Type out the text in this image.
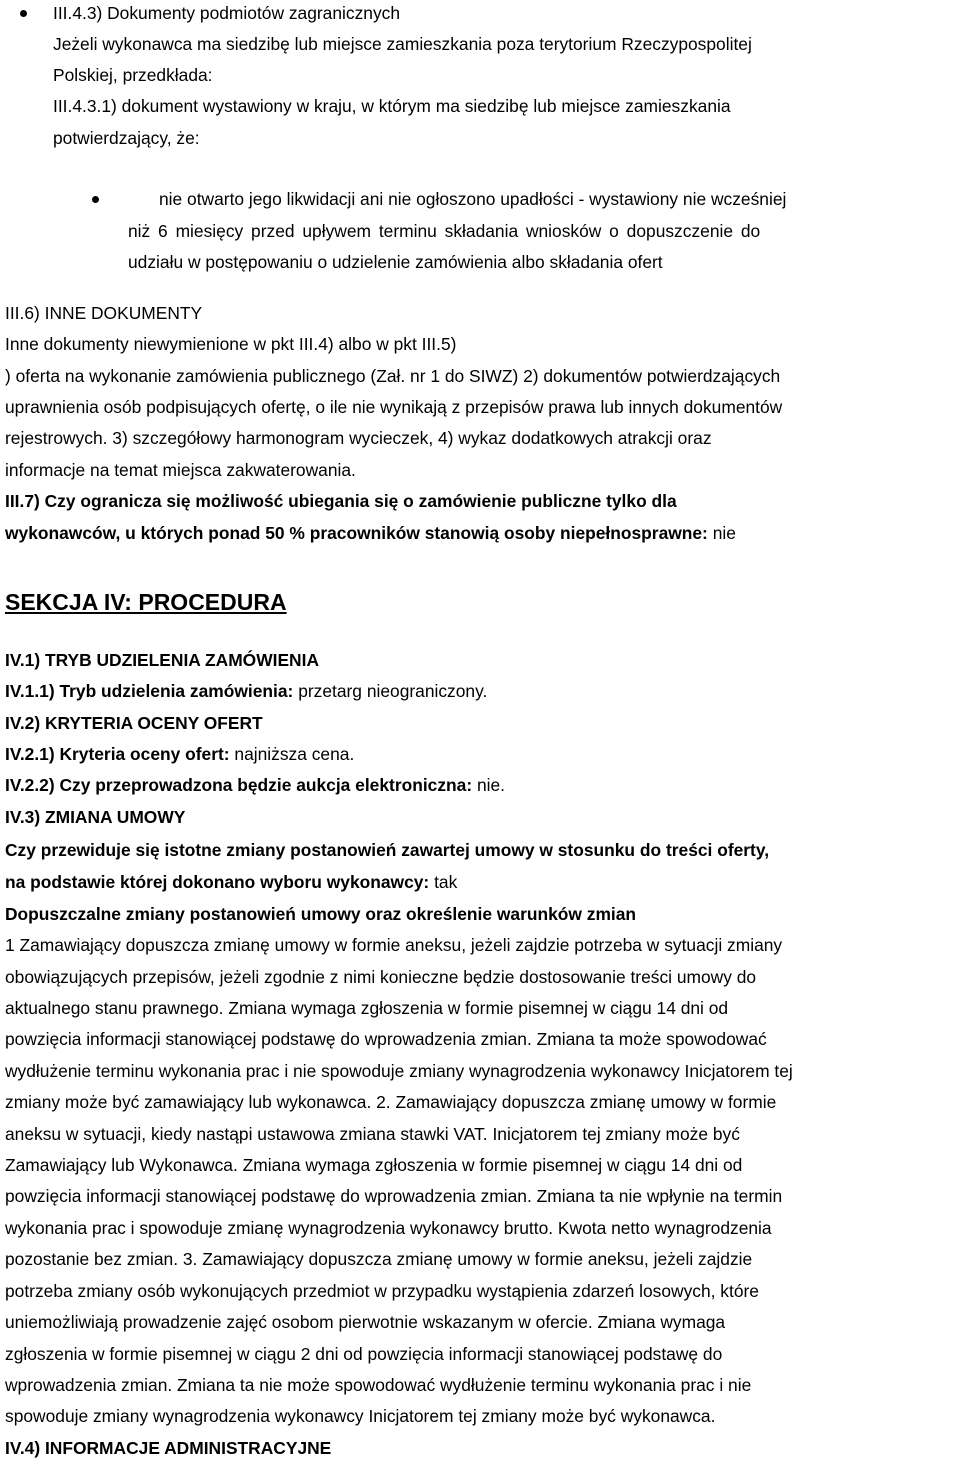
III.4.3) Dokumenty podmiotów zagranicznych
Jeżeli wykonawca ma siedzibę lub miejsce zamieszkania poza terytorium Rzeczypospolitej
Polskiej, przedkłada:
III.4.3.1) dokument wystawiony w kraju, w którym ma siedzibę lub miejsce zamieszkania
potwierdzający, że:
nie otwarto jego likwidacji ani nie ogłoszono upadłości - wystawiony nie wcześniej
niż 6 miesięcy przed upływem terminu składania wniosków o dopuszczenie do
udziału w postępowaniu o udzielenie zamówienia albo składania ofert
III.6) INNE DOKUMENTY
Inne dokumenty niewymienione w pkt III.4) albo w pkt III.5)
) oferta na wykonanie zamówienia publicznego (Zał. nr 1 do SIWZ) 2) dokumentów potwierdzających
uprawnienia osób podpisujących ofertę, o ile nie wynikają z przepisów prawa lub innych dokumentów
rejestrowych. 3) szczegółowy harmonogram wycieczek, 4) wykaz dodatkowych atrakcji oraz
informacje na temat miejsca zakwaterowania.
III.7) Czy ogranicza się możliwość ubiegania się o zamówienie publiczne tylko dla
wykonawców, u których ponad 50 % pracowników stanowią osoby niepełnosprawne: nie
SEKCJA IV: PROCEDURA
IV.1) TRYB UDZIELENIA ZAMÓWIENIA
IV.1.1) Tryb udzielenia zamówienia: przetarg nieograniczony.
IV.2) KRYTERIA OCENY OFERT
IV.2.1) Kryteria oceny ofert: najniższa cena.
IV.2.2) Czy przeprowadzona będzie aukcja elektroniczna: nie.
IV.3) ZMIANA UMOWY
Czy przewiduje się istotne zmiany postanowień zawartej umowy w stosunku do treści oferty,
na podstawie której dokonano wyboru wykonawcy: tak
Dopuszczalne zmiany postanowień umowy oraz określenie warunków zmian
1 Zamawiający dopuszcza zmianę umowy w formie aneksu, jeżeli zajdzie potrzeba w sytuacji zmiany
obowiązujących przepisów, jeżeli zgodnie z nimi konieczne będzie dostosowanie treści umowy do
aktualnego stanu prawnego. Zmiana wymaga zgłoszenia w formie pisemnej w ciągu 14 dni od
powzięcia informacji stanowiącej podstawę do wprowadzenia zmian. Zmiana ta może spowodować
wydłużenie terminu wykonania prac i nie spowoduje zmiany wynagrodzenia wykonawcy Inicjatorem tej
zmiany może być zamawiający lub wykonawca. 2. Zamawiający dopuszcza zmianę umowy w formie
aneksu w sytuacji, kiedy nastąpi ustawowa zmiana stawki VAT. Inicjatorem tej zmiany może być
Zamawiający lub Wykonawca. Zmiana wymaga zgłoszenia w formie pisemnej w ciągu 14 dni od
powzięcia informacji stanowiącej podstawę do wprowadzenia zmian. Zmiana ta nie wpłynie na termin
wykonania prac i spowoduje zmianę wynagrodzenia wykonawcy brutto. Kwota netto wynagrodzenia
pozostanie bez zmian. 3. Zamawiający dopuszcza zmianę umowy w formie aneksu, jeżeli zajdzie
potrzeba zmiany osób wykonujących przedmiot w przypadku wystąpienia zdarzeń losowych, które
uniemożliwiają prowadzenie zajęć osobom pierwotnie wskazanym w ofercie. Zmiana wymaga
zgłoszenia w formie pisemnej w ciągu 2 dni od powzięcia informacji stanowiącej podstawę do
wprowadzenia zmian. Zmiana ta nie może spowodować wydłużenie terminu wykonania prac i nie
spowoduje zmiany wynagrodzenia wykonawcy Inicjatorem tej zmiany może być wykonawca.
IV.4) INFORMACJE ADMINISTRACYJNE
